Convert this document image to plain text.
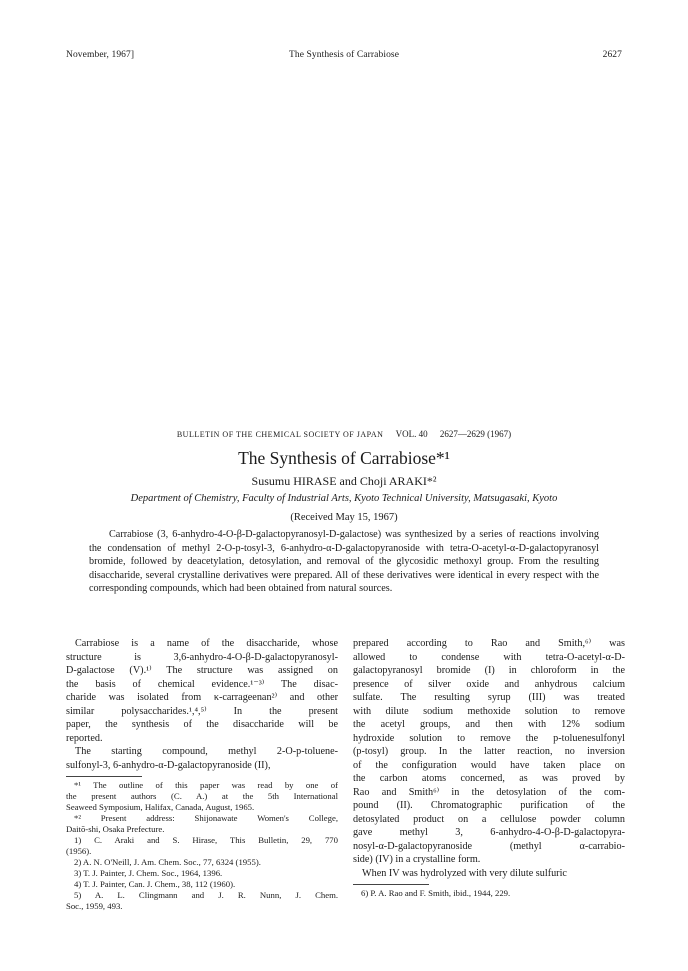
November, 1967]	The Synthesis of Carrabiose	2627
BULLETIN OF THE CHEMICAL SOCIETY OF JAPAN VOL. 40 2627—2629 (1967)
The Synthesis of Carrabiose*¹
Susumu HIRASE and Choji ARAKI*²
Department of Chemistry, Faculty of Industrial Arts, Kyoto Technical University, Matsugasaki, Kyoto
(Received May 15, 1967)

Carrabiose (3, 6-anhydro-4-O-β-D-galactopyranosyl-D-galactose) was synthesized by a series of reactions involving the condensation of methyl 2-O-p-tosyl-3, 6-anhydro-α-D-galactopyranoside with tetra-O-acetyl-α-D-galactopyranosyl bromide, followed by deacetylation, detosylation, and removal of the glycosidic methoxyl group. From the resulting disaccharide, several crystalline derivatives were prepared. All of these derivatives were identical in every respect with the corresponding compounds, which had been obtained from natural sources.

Carrabiose is a name of the disaccharide, whose
structure is 3,6-anhydro-4-O-β-D-galactopyranosyl-
D-galactose (V).¹⁾ The structure was assigned on
the basis of chemical evidence.¹⁻³⁾ The disac-
charide was isolated from κ-carrageenan²⁾ and other
similar polysaccharides.¹,⁴,⁵⁾ In the present
paper, the synthesis of the disaccharide will be
reported.
The starting compound, methyl 2-O-p-toluene-
sulfonyl-3, 6-anhydro-α-D-galactopyranoside (II),
*¹ The outline of this paper was read by one of
the present authors (C. A.) at the 5th International
Seaweed Symposium, Halifax, Canada, August, 1965.
*² Present address: Shijonawate Women's College,
Daitō-shi, Osaka Prefecture.
1) C. Araki and S. Hirase, This Bulletin, 29, 770
(1956).
2) A. N. O'Neill, J. Am. Chem. Soc., 77, 6324 (1955).
3) T. J. Painter, J. Chem. Soc., 1964, 1396.
4) T. J. Painter, Can. J. Chem., 38, 112 (1960).
5) A. L. Clingmann and J. R. Nunn, J. Chem.
Soc., 1959, 493.
prepared according to Rao and Smith,⁶⁾ was
allowed to condense with tetra-O-acetyl-α-D-
galactopyranosyl bromide (I) in chloroform in the
presence of silver oxide and anhydrous calcium
sulfate. The resulting syrup (III) was treated
with dilute sodium methoxide solution to remove
the acetyl groups, and then with 12% sodium
hydroxide solution to remove the p-toluenesulfonyl
(p-tosyl) group. In the latter reaction, no inversion
of the configuration would have taken place on
the carbon atoms concerned, as was proved by
Rao and Smith⁶⁾ in the detosylation of the com-
pound (II). Chromatographic purification of the
detosylated product on a cellulose powder column
gave methyl 3, 6-anhydro-4-O-β-D-galactopyra-
nosyl-α-D-galactopyranoside (methyl α-carrabio-
side) (IV) in a crystalline form.
When IV was hydrolyzed with very dilute sulfuric
6) P. A. Rao and F. Smith, ibid., 1944, 229.
